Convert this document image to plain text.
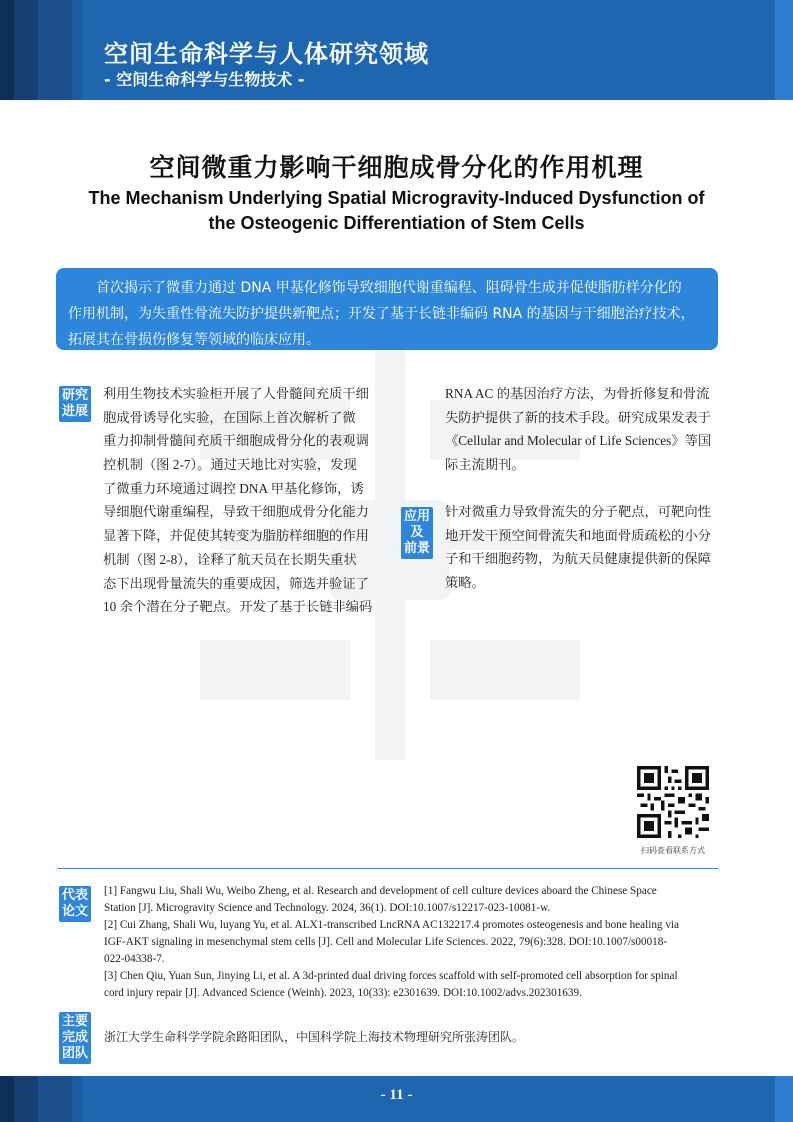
空间生命科学与人体研究领域
- 空间生命科学与生物技术 -
空间微重力影响干细胞成骨分化的作用机理
The Mechanism Underlying Spatial Microgravity-Induced Dysfunction of
the Osteogenic Differentiation of Stem Cells
首次揭示了微重力通过 DNA 甲基化修饰导致细胞代谢重编程、阻碍骨生成并促使脂肪样分化的
作用机制，为失重性骨流失防护提供新靶点；开发了基于长链非编码 RNA 的基因与干细胞治疗技术，
拓展其在骨损伤修复等领域的临床应用。
研究
进展
利用生物技术实验柜开展了人骨髓间充质干细
胞成骨诱导化实验，在国际上首次解析了微
重力抑制骨髓间充质干细胞成骨分化的表观调
控机制（图 2-7）。通过天地比对实验，发现
了微重力环境通过调控 DNA 甲基化修饰，诱
导细胞代谢重编程，导致干细胞成骨分化能力
显著下降，并促使其转变为脂肪样细胞的作用
机制（图 2-8），诠释了航天员在长期失重状
态下出现骨量流失的重要成因，筛选并验证了
10 余个潜在分子靶点。开发了基于长链非编码
RNA AC 的基因治疗方法，为骨折修复和骨流
失防护提供了新的技术手段。研究成果发表于
《Cellular and Molecular of Life Sciences》等国
际主流期刊。
应用
及
前景
针对微重力导致骨流失的分子靶点，可靶向性
地开发干预空间骨流失和地面骨质疏松的小分
子和干细胞药物，为航天员健康提供新的保障
策略。
扫码查看联系方式
代表
论文
[1] Fangwu Liu, Shali Wu, Weibo Zheng, et al. Research and development of cell culture devices aboard the Chinese Space
Station [J]. Microgravity Science and Technology. 2024, 36(1). DOI:10.1007/s12217-023-10081-w.
[2] Cui Zhang, Shali Wu, luyang Yu, et al. ALX1-transcribed LncRNA AC132217.4 promotes osteogenesis and bone healing via
IGF-AKT signaling in mesenchymal stem cells [J]. Cell and Molecular Life Sciences. 2022, 79(6):328. DOI:10.1007/s00018-
022-04338-7.
[3] Chen Qiu, Yuan Sun, Jinying Li, et al. A 3d-printed dual driving forces scaffold with self-promoted cell absorption for spinal
cord injury repair [J]. Advanced Science (Weinh). 2023, 10(33): e2301639. DOI:10.1002/advs.202301639.
主要
完成
团队
浙江大学生命科学学院余路阳团队，中国科学院上海技术物理研究所张涛团队。
- 11 -
